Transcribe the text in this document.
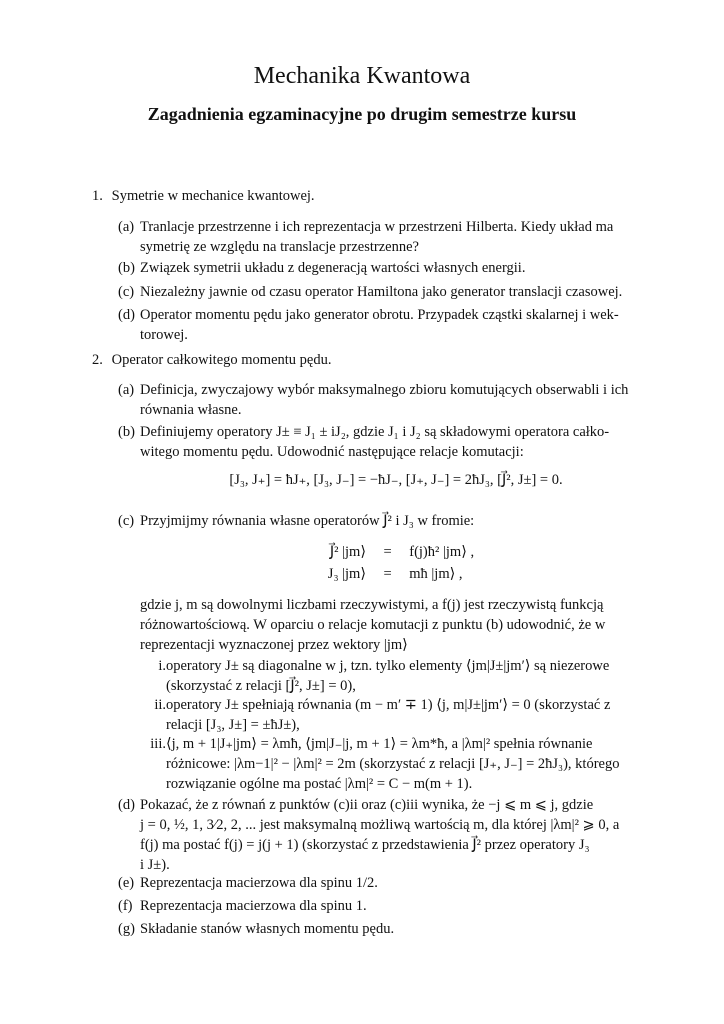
Mechanika Kwantowa
Zagadnienia egzaminacyjne po drugim semestrze kursu
1. Symetrie w mechanice kwantowej.
(a) Tranlacje przestrzenne i ich reprezentacja w przestrzeni Hilberta. Kiedy układ ma
symetrię ze względu na translacje przestrzenne?
(b) Związek symetrii układu z degeneracją wartości własnych energii.
(c) Niezależny jawnie od czasu operator Hamiltona jako generator translacji czasowej.
(d) Operator momentu pędu jako generator obrotu. Przypadek cząstki skalarnej i wek-
torowej.
2. Operator całkowitego momentu pędu.
(a) Definicja, zwyczajowy wybór maksymalnego zbioru komutujących obserwabli i ich
równania własne.
(b) Definiujemy operatory J± ≡ J₁ ± iJ₂, gdzie J₁ i J₂ są składowymi operatora całko-
witego momentu pędu. Udowodnić następujące relacje komutacji:
[J₃, J₊] = ħJ₊, [J₃, J₋] = −ħJ₋, [J₊, J₋] = 2ħJ₃, [J⃗², J±] = 0.
(c) Przyjmijmy równania własne operatorów J⃗² i J₃ w fromie:
J⃗² |jm⟩ = f(j)ħ² |jm⟩ ,
J₃ |jm⟩ = mħ |jm⟩ ,
gdzie j, m są dowolnymi liczbami rzeczywistymi, a f(j) jest rzeczywistą funkcją
różnowartościową. W oparciu o relacje komutacji z punktu (b) udowodnić, że w
reprezentacji wyznaczonej przez wektory |jm⟩
i. operatory J± są diagonalne w j, tzn. tylko elementy ⟨jm|J±|jm′⟩ są niezerowe
(skorzystać z relacji [J⃗², J±] = 0),
ii. operatory J± spełniają równania (m − m′ ∓ 1) ⟨j, m|J±|jm′⟩ = 0 (skorzystać z
relacji [J₃, J±] = ±ħJ±),
iii. ⟨j, m + 1|J₊|jm⟩ = λmħ, ⟨jm|J₋|j, m + 1⟩ = λm*ħ, a |λm|² spełnia równanie
różnicowe: |λm−1|² − |λm|² = 2m (skorzystać z relacji [J₊, J₋] = 2ħJ₃), którego
rozwiązanie ogólne ma postać |λm|² = C − m(m + 1).
(d) Pokazać, że z równań z punktów (c)ii oraz (c)iii wynika, że −j ⩽ m ⩽ j, gdzie
j = 0, ½, 1, 3⁄2, 2, ... jest maksymalną możliwą wartością m, dla której |λm|² ⩾ 0, a
f(j) ma postać f(j) = j(j + 1) (skorzystać z przedstawienia J⃗² przez operatory J₃
i J±).
(e) Reprezentacja macierzowa dla spinu 1/2.
(f) Reprezentacja macierzowa dla spinu 1.
(g) Składanie stanów własnych momentu pędu.
